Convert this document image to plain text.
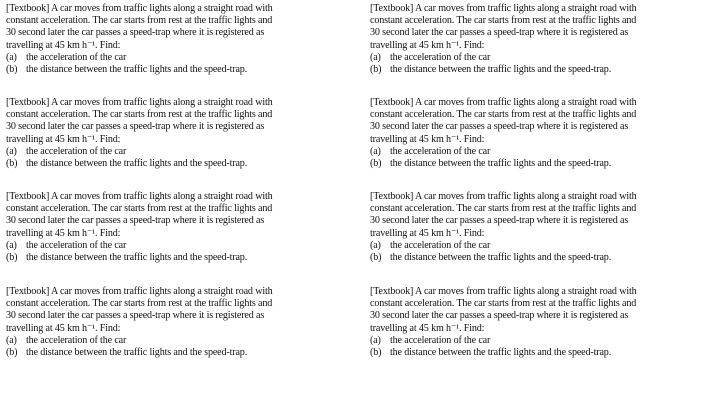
[Textbook] A car moves from traffic lights along a straight road with
constant acceleration. The car starts from rest at the traffic lights and
30 second later the car passes a speed-trap where it is registered as
travelling at 45 km h⁻¹. Find:
(a) the acceleration of the car
(b) the distance between the traffic lights and the speed-trap.
[Textbook] A car moves from traffic lights along a straight road with
constant acceleration. The car starts from rest at the traffic lights and
30 second later the car passes a speed-trap where it is registered as
travelling at 45 km h⁻¹. Find:
(a) the acceleration of the car
(b) the distance between the traffic lights and the speed-trap.
[Textbook] A car moves from traffic lights along a straight road with
constant acceleration. The car starts from rest at the traffic lights and
30 second later the car passes a speed-trap where it is registered as
travelling at 45 km h⁻¹. Find:
(a) the acceleration of the car
(b) the distance between the traffic lights and the speed-trap.
[Textbook] A car moves from traffic lights along a straight road with
constant acceleration. The car starts from rest at the traffic lights and
30 second later the car passes a speed-trap where it is registered as
travelling at 45 km h⁻¹. Find:
(a) the acceleration of the car
(b) the distance between the traffic lights and the speed-trap.
[Textbook] A car moves from traffic lights along a straight road with
constant acceleration. The car starts from rest at the traffic lights and
30 second later the car passes a speed-trap where it is registered as
travelling at 45 km h⁻¹. Find:
(a) the acceleration of the car
(b) the distance between the traffic lights and the speed-trap.
[Textbook] A car moves from traffic lights along a straight road with
constant acceleration. The car starts from rest at the traffic lights and
30 second later the car passes a speed-trap where it is registered as
travelling at 45 km h⁻¹. Find:
(a) the acceleration of the car
(b) the distance between the traffic lights and the speed-trap.
[Textbook] A car moves from traffic lights along a straight road with
constant acceleration. The car starts from rest at the traffic lights and
30 second later the car passes a speed-trap where it is registered as
travelling at 45 km h⁻¹. Find:
(a) the acceleration of the car
(b) the distance between the traffic lights and the speed-trap.
[Textbook] A car moves from traffic lights along a straight road with
constant acceleration. The car starts from rest at the traffic lights and
30 second later the car passes a speed-trap where it is registered as
travelling at 45 km h⁻¹. Find:
(a) the acceleration of the car
(b) the distance between the traffic lights and the speed-trap.
